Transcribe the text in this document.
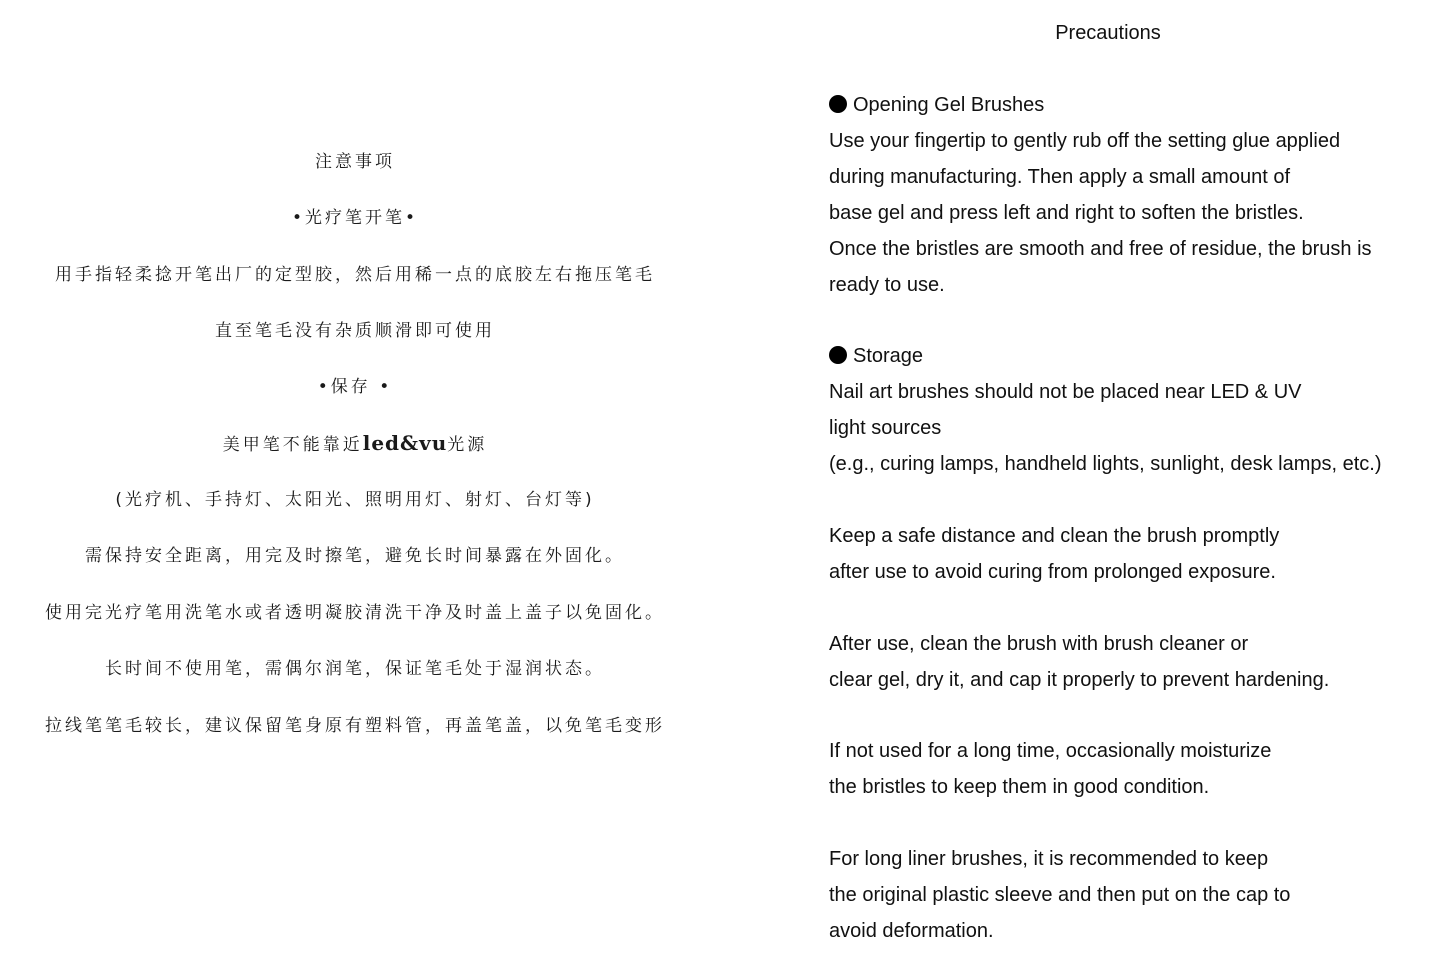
注意事项
•光疗笔开笔•
用手指轻柔捻开笔出厂的定型胶，然后用稀一点的底胶左右拖压笔毛
直至笔毛没有杂质顺滑即可使用
•保存 •
美甲笔不能靠近led&vu光源
(光疗机、手持灯、太阳光、照明用灯、射灯、台灯等)
需保持安全距离，用完及时擦笔，避免长时间暴露在外固化。
使用完光疗笔用洗笔水或者透明凝胶清洗干净及时盖上盖子以免固化。
长时间不使用笔，需偶尔润笔，保证笔毛处于湿润状态。
拉线笔笔毛较长，建议保留笔身原有塑料管，再盖笔盖，以免笔毛变形
Precautions
Opening Gel Brushes
Use your fingertip to gently rub off the setting glue applied
during manufacturing. Then apply a small amount of
base gel and press left and right to soften the bristles.
Once the bristles are smooth and free of residue, the brush is
ready to use.
Storage
Nail art brushes should not be placed near LED & UV
light sources
(e.g., curing lamps, handheld lights, sunlight, desk lamps, etc.)
Keep a safe distance and clean the brush promptly
after use to avoid curing from prolonged exposure.
After use, clean the brush with brush cleaner or
clear gel, dry it, and cap it properly to prevent hardening.
If not used for a long time, occasionally moisturize
the bristles to keep them in good condition.
For long liner brushes, it is recommended to keep
the original plastic sleeve and then put on the cap to
avoid deformation.
